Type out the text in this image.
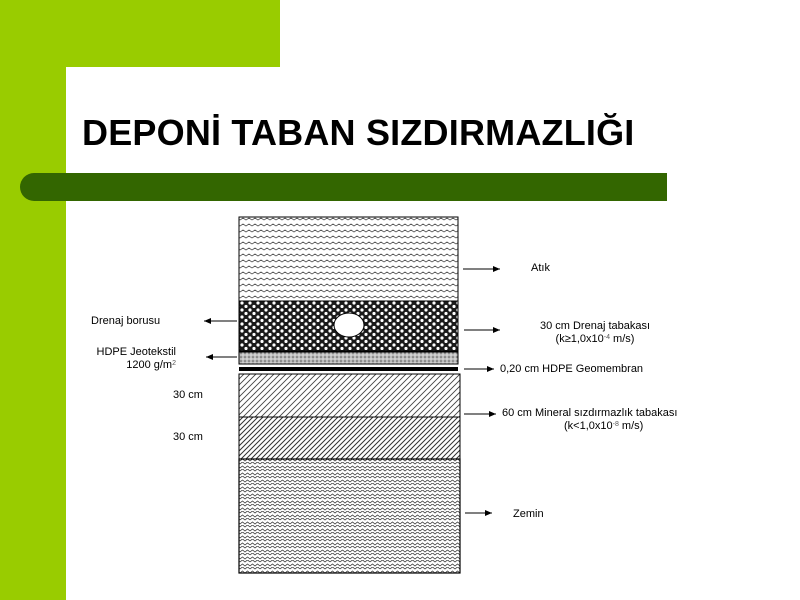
DEPONİ TABAN SIZDIRMAZLIĞI
Atık
30 cm Drenaj tabakası
($k\ge 1,0x10^{-4}$ m/s)
0,20 cm HDPE Geomembran
60 cm Mineral sızdırmazlık tabakası
($k<1,0x10^{-8}$ m/s)
Zemin
Drenaj borusu
HDPE Jeotekstil
1200 $g/m^2$
30 cm
30 cm
